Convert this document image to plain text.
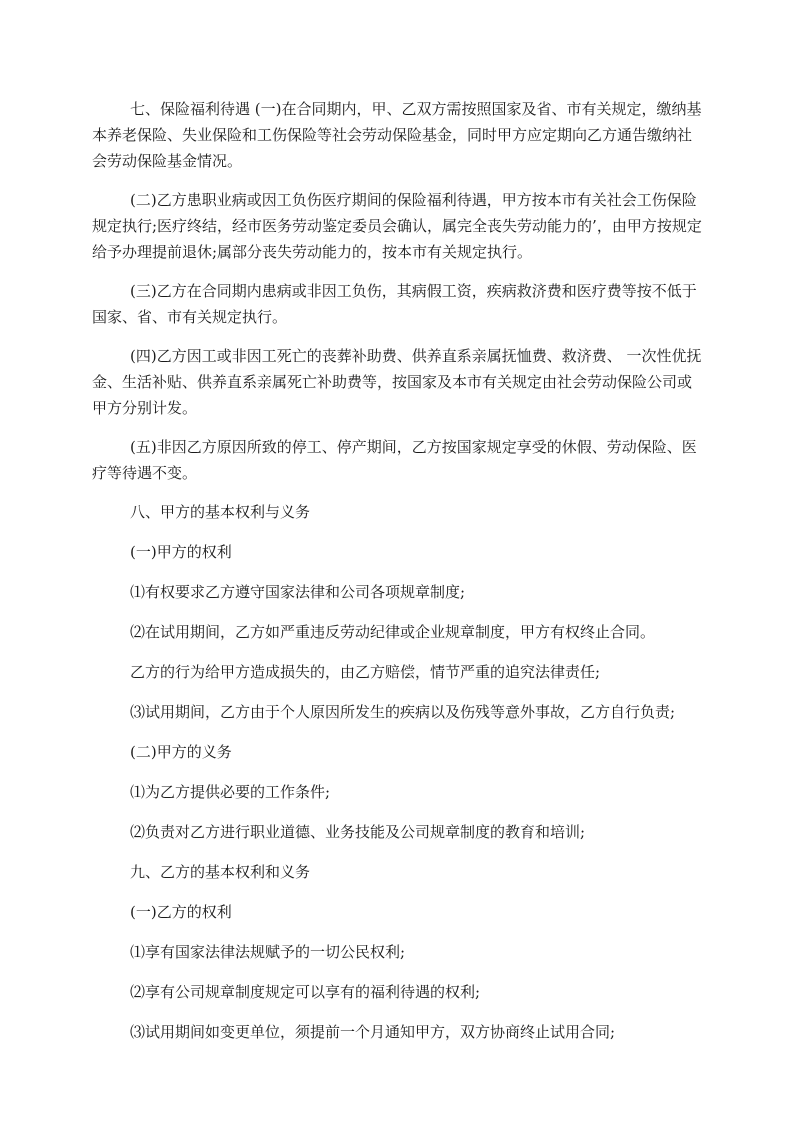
七、保险福利待遇 (一)在合同期内，甲、乙双方需按照国家及省、市有关规定，缴纳基本养老保险、失业保险和工伤保险等社会劳动保险基金，同时甲方应定期向乙方通告缴纳社会劳动保险基金情况。

(二)乙方患职业病或因工负伤医疗期间的保险福利待遇，甲方按本市有关社会工伤保险规定执行;医疗终结，经市医务劳动鉴定委员会确认，属完全丧失劳动能力的’，由甲方按规定给予办理提前退休;属部分丧失劳动能力的，按本市有关规定执行。

(三)乙方在合同期内患病或非因工负伤，其病假工资，疾病救济费和医疗费等按不低于国家、省、市有关规定执行。

(四)乙方因工或非因工死亡的丧葬补助费、供养直系亲属抚恤费、救济费、 一次性优抚金、生活补贴、供养直系亲属死亡补助费等，按国家及本市有关规定由社会劳动保险公司或甲方分别计发。

(五)非因乙方原因所致的停工、停产期间，乙方按国家规定享受的休假、劳动保险、医疗等待遇不变。

八、甲方的基本权利与义务

(一)甲方的权利

⑴有权要求乙方遵守国家法律和公司各项规章制度;

⑵在试用期间，乙方如严重违反劳动纪律或企业规章制度，甲方有权终止合同。

乙方的行为给甲方造成损失的，由乙方赔偿，情节严重的追究法律责任;

⑶试用期间，乙方由于个人原因所发生的疾病以及伤残等意外事故，乙方自行负责;

(二)甲方的义务

⑴为乙方提供必要的工作条件;

⑵负责对乙方进行职业道德、业务技能及公司规章制度的教育和培训;

九、乙方的基本权利和义务

(一)乙方的权利

⑴享有国家法律法规赋予的一切公民权利;

⑵享有公司规章制度规定可以享有的福利待遇的权利;

⑶试用期间如变更单位，须提前一个月通知甲方，双方协商终止试用合同;
